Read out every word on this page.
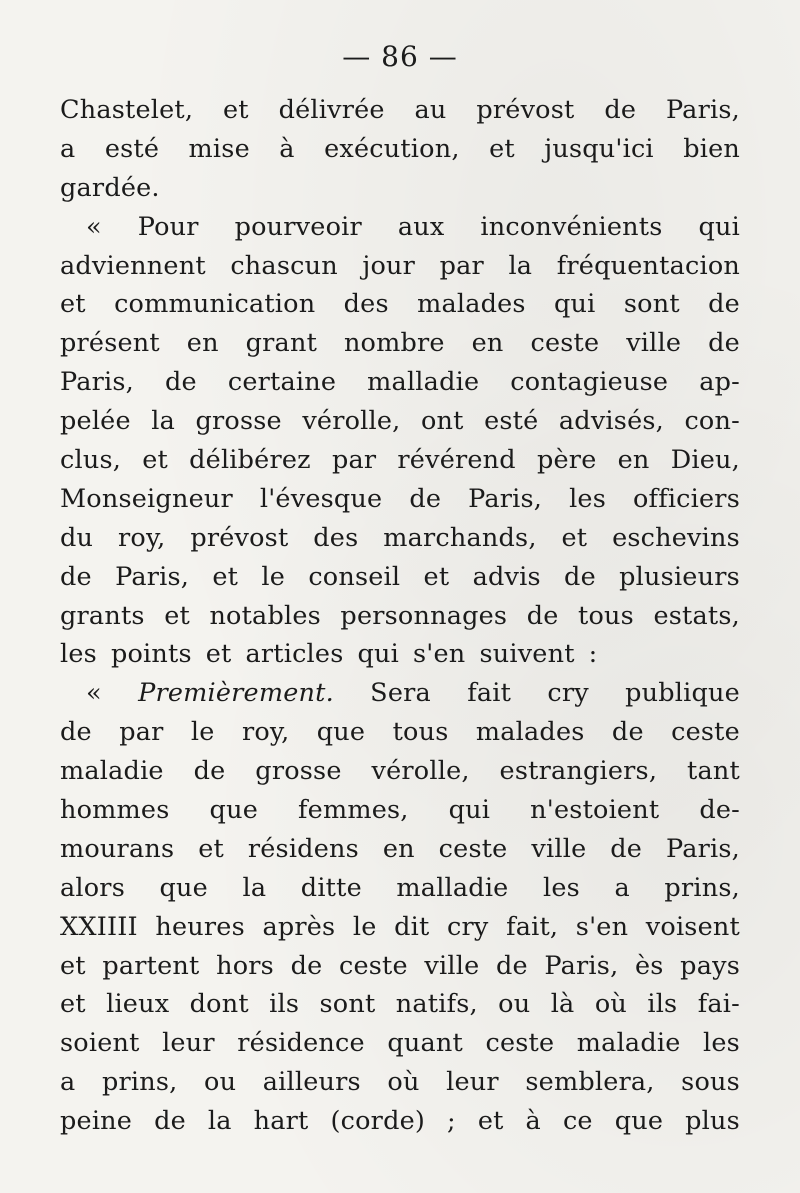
— 86 —
Chastelet, et délivrée au prévost de Paris,
a esté mise à exécution, et jusqu'ici bien
gardée.
« Pour pourveoir aux inconvénients qui
adviennent chascun jour par la fréquentacion
et communication des malades qui sont de
présent en grant nombre en ceste ville de
Paris, de certaine malladie contagieuse ap-
pelée la grosse vérolle, ont esté advisés, con-
clus, et délibérez par révérend père en Dieu,
Monseigneur l'évesque de Paris, les officiers
du roy, prévost des marchands, et eschevins
de Paris, et le conseil et advis de plusieurs
grants et notables personnages de tous estats,
les points et articles qui s'en suivent :
« Premièrement. Sera fait cry publique
de par le roy, que tous malades de ceste
maladie de grosse vérolle, estrangiers, tant
hommes que femmes, qui n'estoient de-
mourans et résidens en ceste ville de Paris,
alors que la ditte malladie les a prins,
XXIIII heures après le dit cry fait, s'en voisent
et partent hors de ceste ville de Paris, ès pays
et lieux dont ils sont natifs, ou là où ils fai-
soient leur résidence quant ceste maladie les
a prins, ou ailleurs où leur semblera, sous
peine de la hart (corde) ; et à ce que plus
